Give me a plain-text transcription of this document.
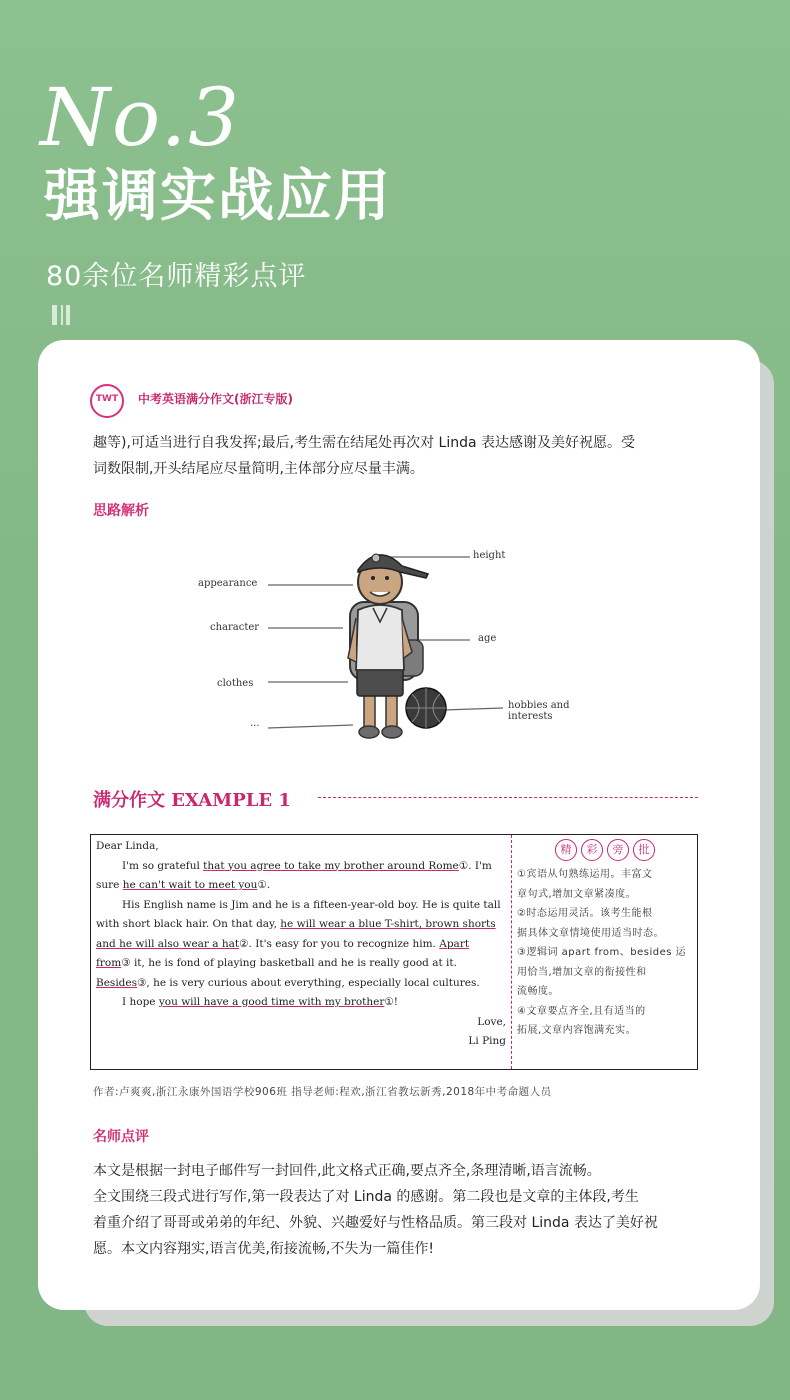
No.3
强调实战应用
80余位名师精彩点评
TWT	中考英语满分作文(浙江专版)
趣等),可适当进行自我发挥;最后,考生需在结尾处再次对 Linda 表达感谢及美好祝愿。受
词数限制,开头结尾应尽量简明,主体部分应尽量丰满。
思路解析
height
appearance
character
age
clothes
hobbies and interests
...
满分作文 EXAMPLE 1

Dear Linda,

I'm so grateful that you agree to take my brother around Rome①. I'm sure he can't wait to meet you①.

His English name is Jim and he is a fifteen-year-old boy. He is quite tall with short black hair. On that day, he will wear a blue T-shirt, brown shorts and he will also wear a hat②. It's easy for you to recognize him. Apart from③ it, he is fond of playing basketball and he is really good at it. Besides③, he is very curious about everything, especially local cultures.

I hope you will have a good time with my brother①!

Love,

Li Ping

精	彩	旁	批

①宾语从句熟练运用。丰富文

章句式,增加文章紧凑度。

②时态运用灵活。该考生能根

据具体文章情境使用适当时态。

③逻辑词 apart from、besides 运

用恰当,增加文章的衔接性和

流畅度。

④文章要点齐全,且有适当的

拓展,文章内容饱满充实。

作者:卢爽爽,浙江永康外国语学校906班 指导老师:程欢,浙江省教坛新秀,2018年中考命题人员
名师点评
本文是根据一封电子邮件写一封回件,此文格式正确,要点齐全,条理清晰,语言流畅。
全文围绕三段式进行写作,第一段表达了对 Linda 的感谢。第二段也是文章的主体段,考生
着重介绍了哥哥或弟弟的年纪、外貌、兴趣爱好与性格品质。第三段对 Linda 表达了美好祝
愿。本文内容翔实,语言优美,衔接流畅,不失为一篇佳作!
